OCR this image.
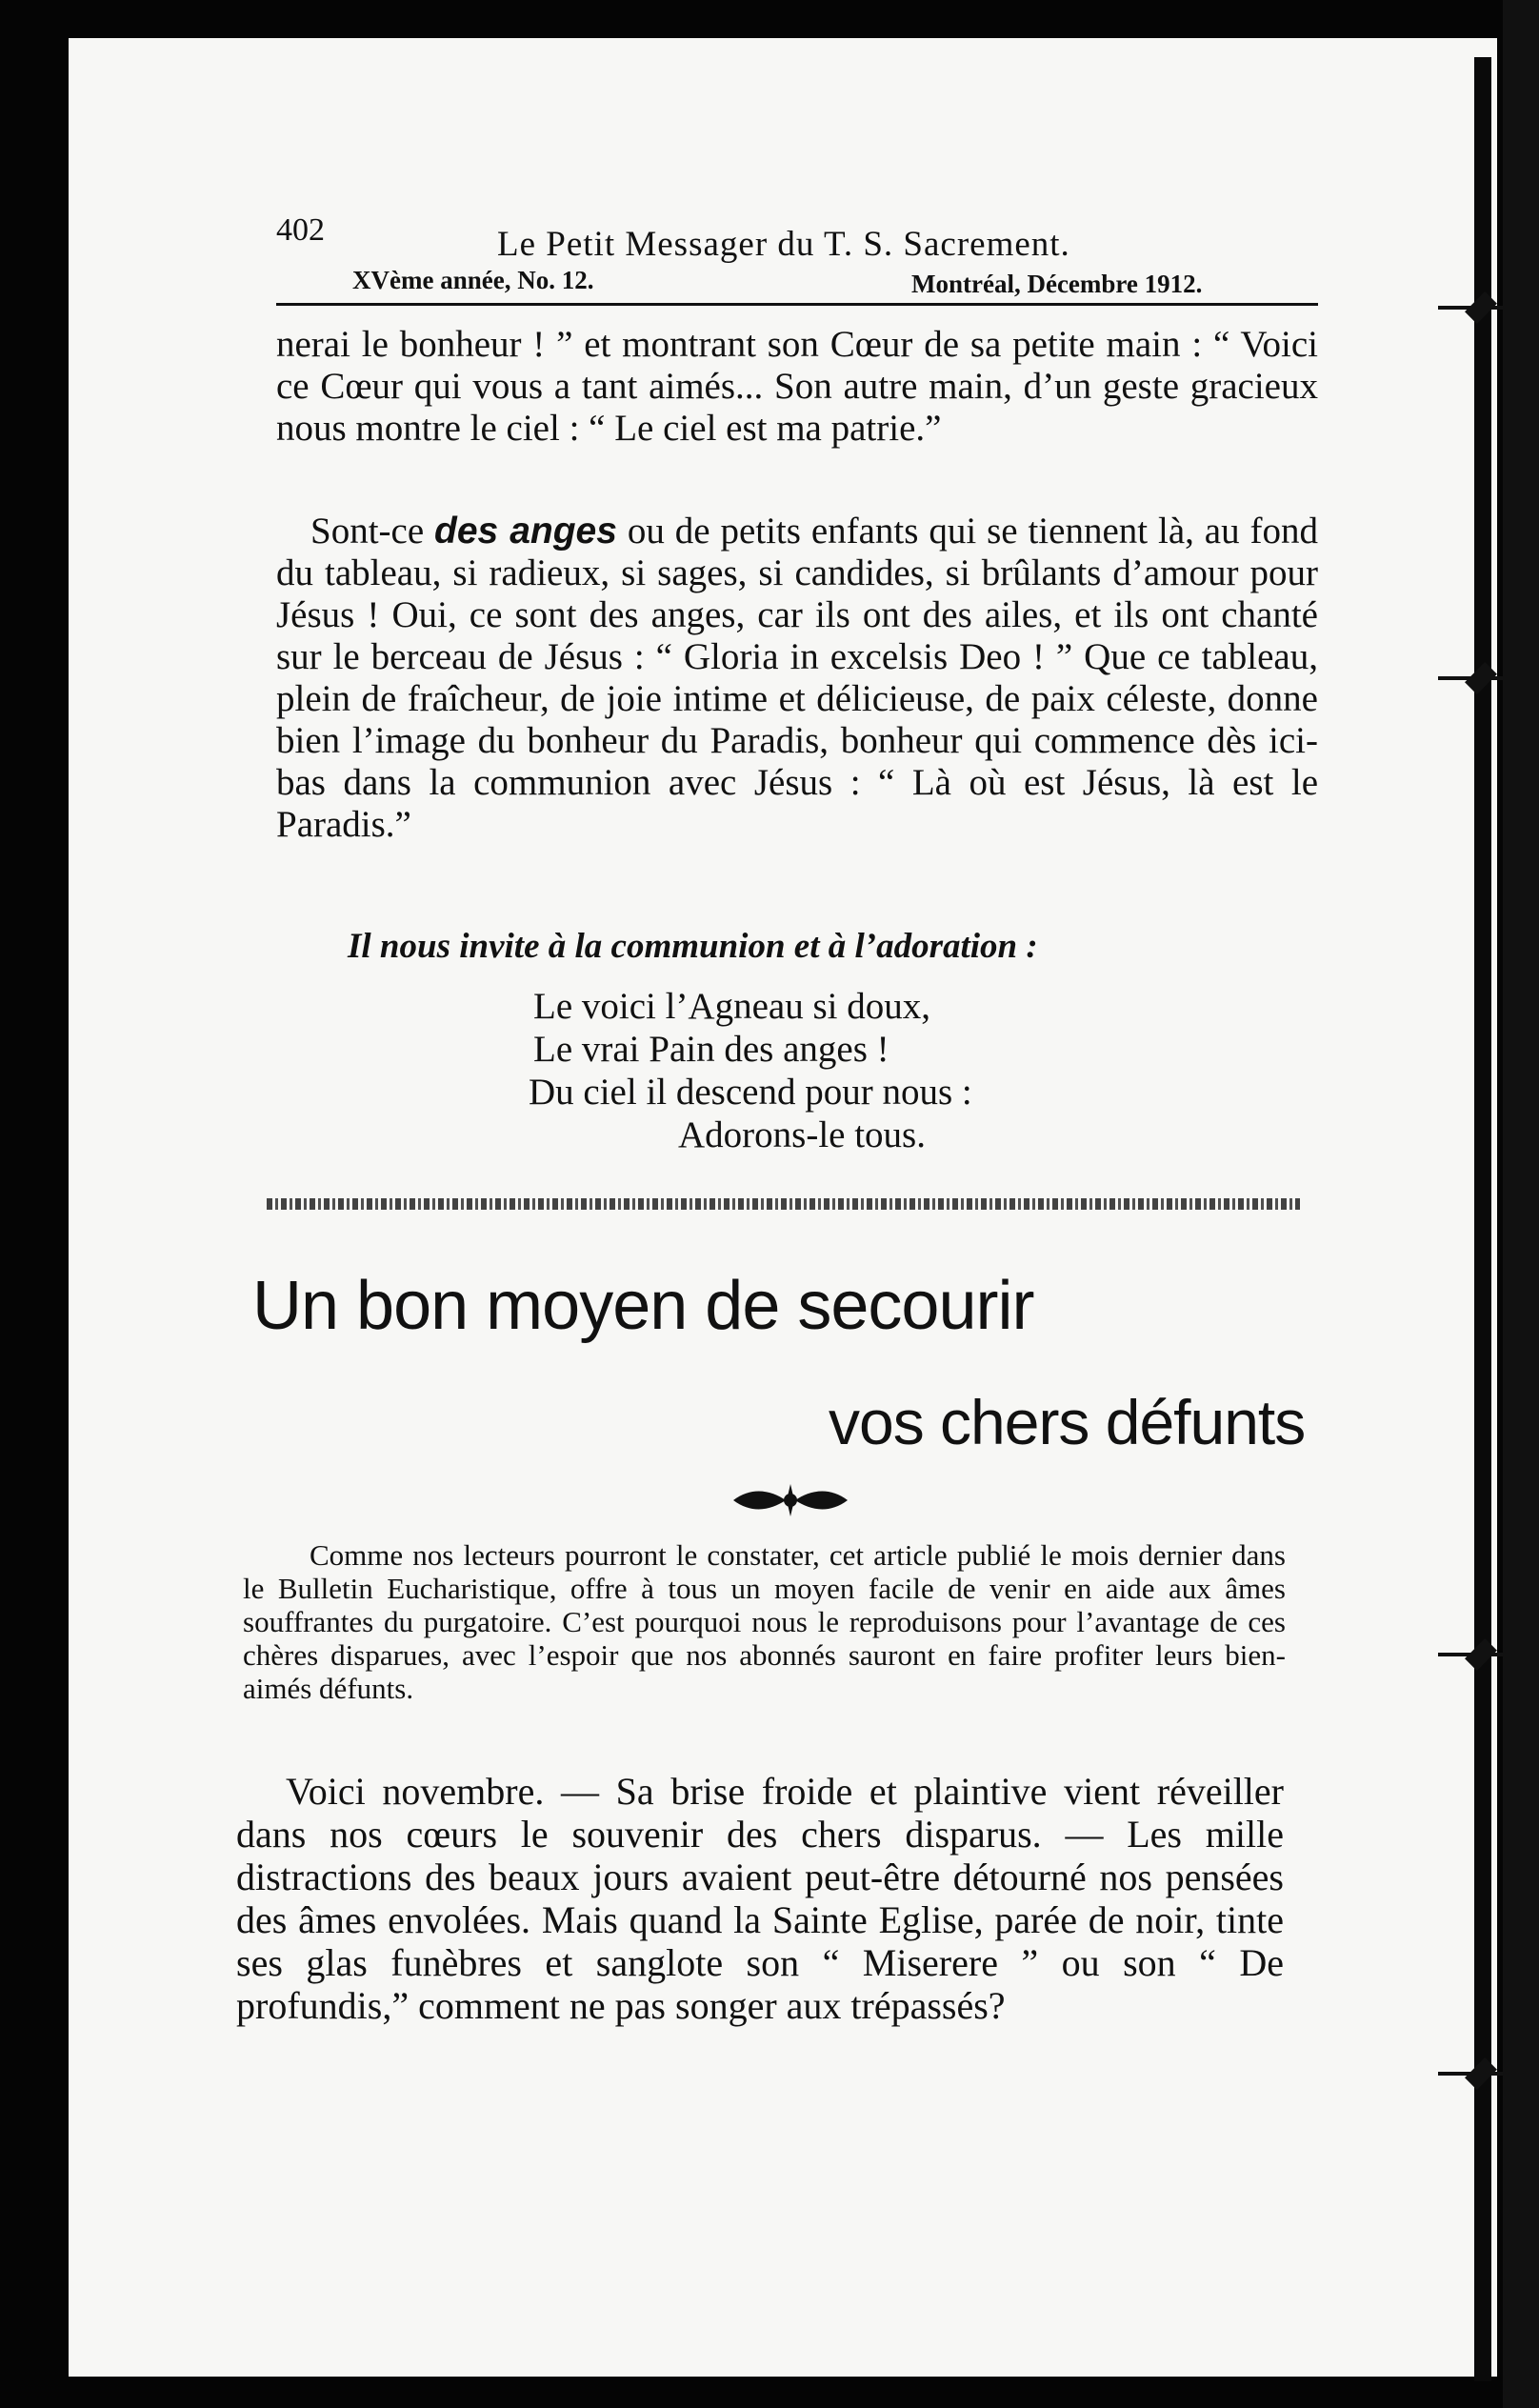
402	Le Petit Messager du T. S. Sacrement.
XVème année, No. 12.	Montréal, Décembre 1912.
nerai le bonheur ! ” et montrant son Cœur de sa petite main : “ Voici ce Cœur qui vous a tant aimés... Son autre main, d’un geste gracieux nous montre le ciel : “ Le ciel est ma patrie.”
Sont-ce des anges ou de petits enfants qui se tiennent là, au fond du tableau, si radieux, si sages, si candides, si brûlants d’amour pour Jésus ! Oui, ce sont des anges, car ils ont des ailes, et ils ont chanté sur le berceau de Jésus : “ Gloria in excelsis Deo ! ” Que ce tableau, plein de fraîcheur, de joie intime et délicieuse, de paix céleste, donne bien l’image du bonheur du Paradis, bonheur qui commence dès ici-bas dans la communion avec Jésus : “ Là où est Jésus, là est le Paradis.”
Il nous invite à la communion et à l’adoration :
Le voici l’Agneau si doux,
Le vrai Pain des anges !
Du ciel il descend pour nous :
Adorons-le tous.
Un bon moyen de secourir
vos chers défunts
Comme nos lecteurs pourront le constater, cet article publié le mois dernier dans le Bulletin Eucharistique, offre à tous un moyen facile de venir en aide aux âmes souffrantes du purgatoire. C’est pourquoi nous le reproduisons pour l’avantage de ces chères disparues, avec l’espoir que nos abonnés sauront en faire profiter leurs bien-aimés défunts.
Voici novembre. — Sa brise froide et plaintive vient réveiller dans nos cœurs le souvenir des chers disparus. — Les mille distractions des beaux jours avaient peut-être détourné nos pensées des âmes envolées. Mais quand la Sainte Eglise, parée de noir, tinte ses glas funèbres et sanglote son “ Miserere ” ou son “ De profundis,” comment ne pas songer aux trépassés?
